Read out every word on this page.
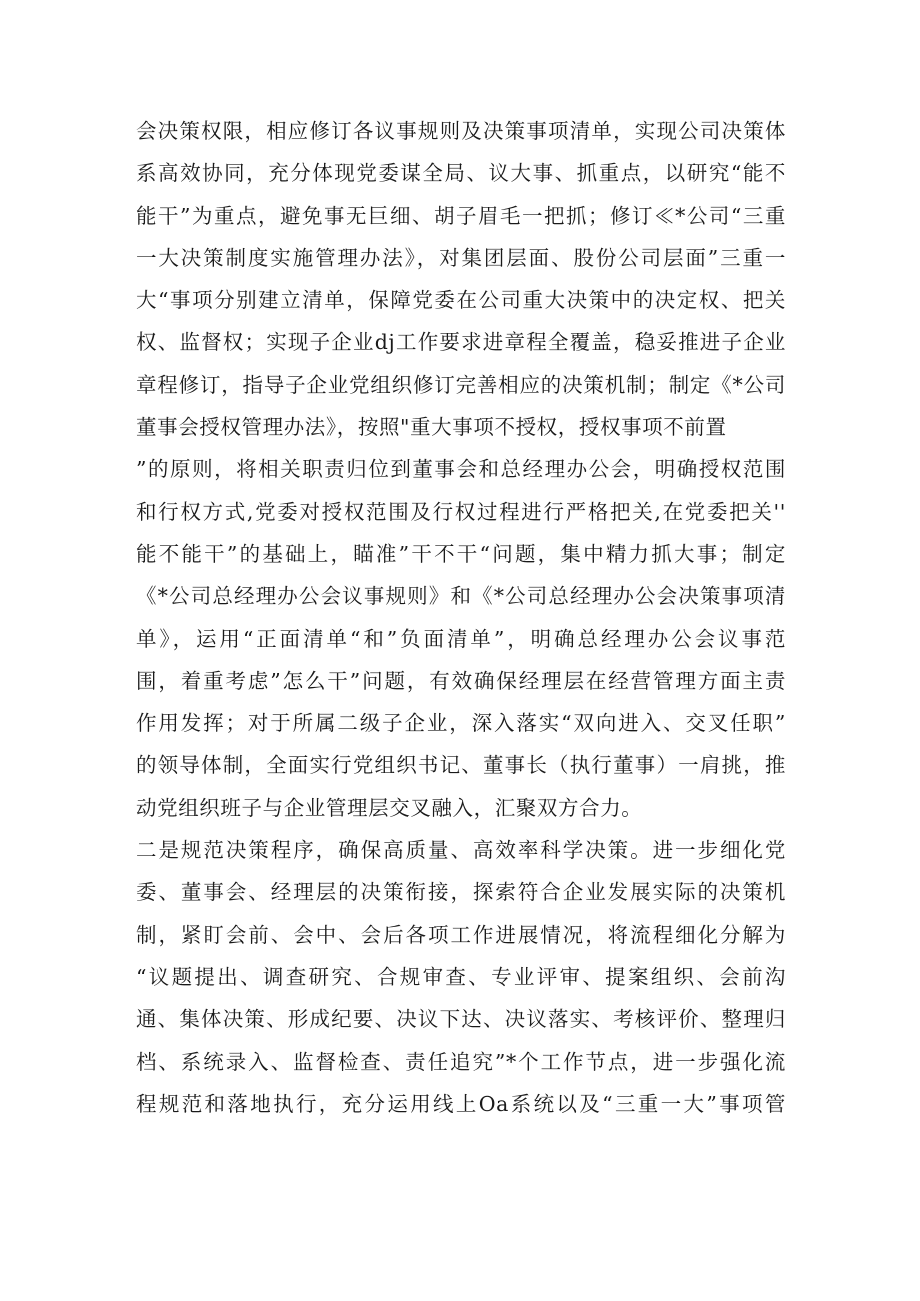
会决策权限，相应修订各议事规则及决策事项清单，实现公司决策体
系高效协同，充分体现党委谋全局、议大事、抓重点，以研究“能不
能干”为重点，避免事无巨细、胡子眉毛一把抓；修订≪*公司“三重
一大决策制度实施管理办法》，对集团层面、股份公司层面”三重一
大“事项分别建立清单，保障党委在公司重大决策中的决定权、把关
权、监督权；实现子企业dj工作要求进章程全覆盖，稳妥推进子企业
章程修订，指导子企业党组织修订完善相应的决策机制；制定《*公司
董事会授权管理办法》，按照"重大事项不授权，授权事项不前置
”的原则，将相关职责归位到董事会和总经理办公会，明确授权范围
和行权方式,党委对授权范围及行权过程进行严格把关,在党委把关''
能不能干”的基础上，瞄准”干不干“问题，集中精力抓大事；制定
《*公司总经理办公会议事规则》和《*公司总经理办公会决策事项清
单》，运用“正面清单“和”负面清单”，明确总经理办公会议事范
围，着重考虑”怎么干”问题，有效确保经理层在经营管理方面主责
作用发挥；对于所属二级子企业，深入落实“双向进入、交叉任职”
的领导体制，全面实行党组织书记、董事长（执行董事）一肩挑，推
动党组织班子与企业管理层交叉融入，汇聚双方合力。
二是规范决策程序，确保高质量、高效率科学决策。进一步细化党
委、董事会、经理层的决策衔接，探索符合企业发展实际的决策机
制，紧盯会前、会中、会后各项工作进展情况，将流程细化分解为
“议题提出、调查研究、合规审查、专业评审、提案组织、会前沟
通、集体决策、形成纪要、决议下达、决议落实、考核评价、整理归
档、系统录入、监督检查、责任追究”*个工作节点，进一步强化流
程规范和落地执行，充分运用线上Oa系统以及“三重一大”事项管
